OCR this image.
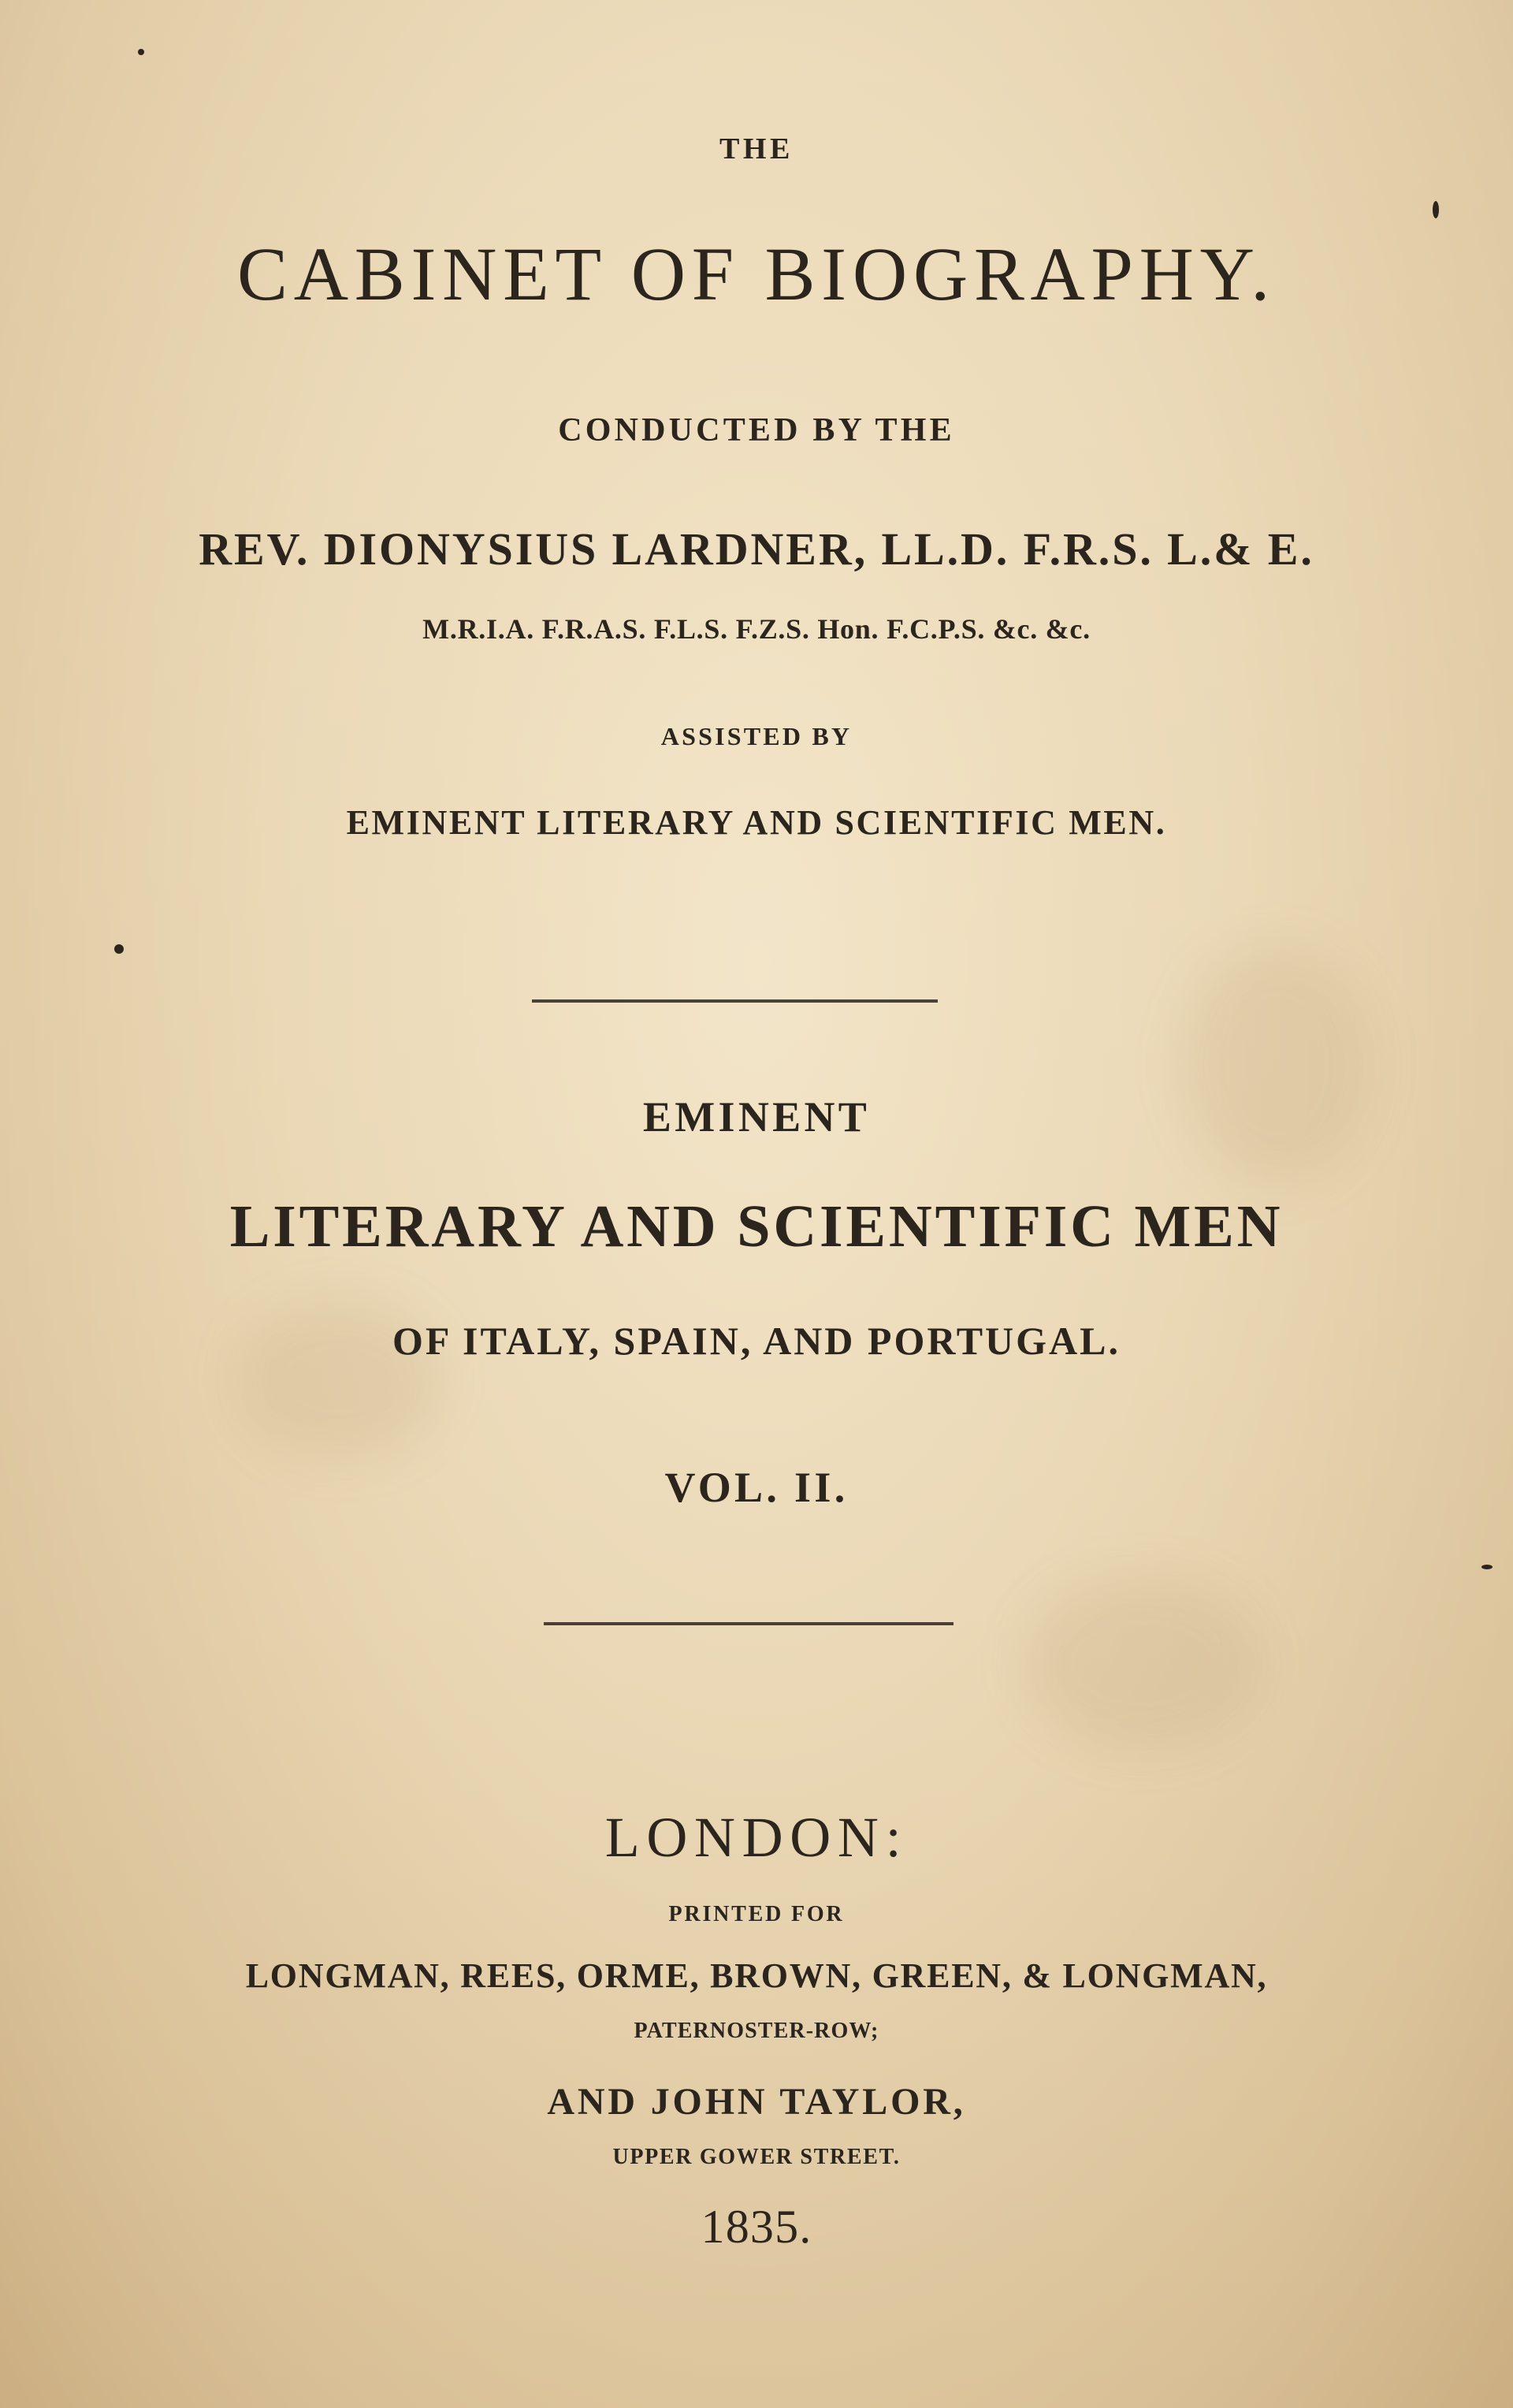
THE
CABINET OF BIOGRAPHY.
CONDUCTED BY THE
REV. DIONYSIUS LARDNER, LL.D. F.R.S. L.& E.
M.R.I.A. F.R.A.S. F.L.S. F.Z.S. Hon. F.C.P.S. &c. &c.
ASSISTED BY
EMINENT LITERARY AND SCIENTIFIC MEN.
EMINENT
LITERARY AND SCIENTIFIC MEN
OF ITALY, SPAIN, AND PORTUGAL.
VOL. II.
LONDON:
PRINTED FOR
LONGMAN, REES, ORME, BROWN, GREEN, & LONGMAN,
PATERNOSTER-ROW;
AND JOHN TAYLOR,
UPPER GOWER STREET.
1835.
